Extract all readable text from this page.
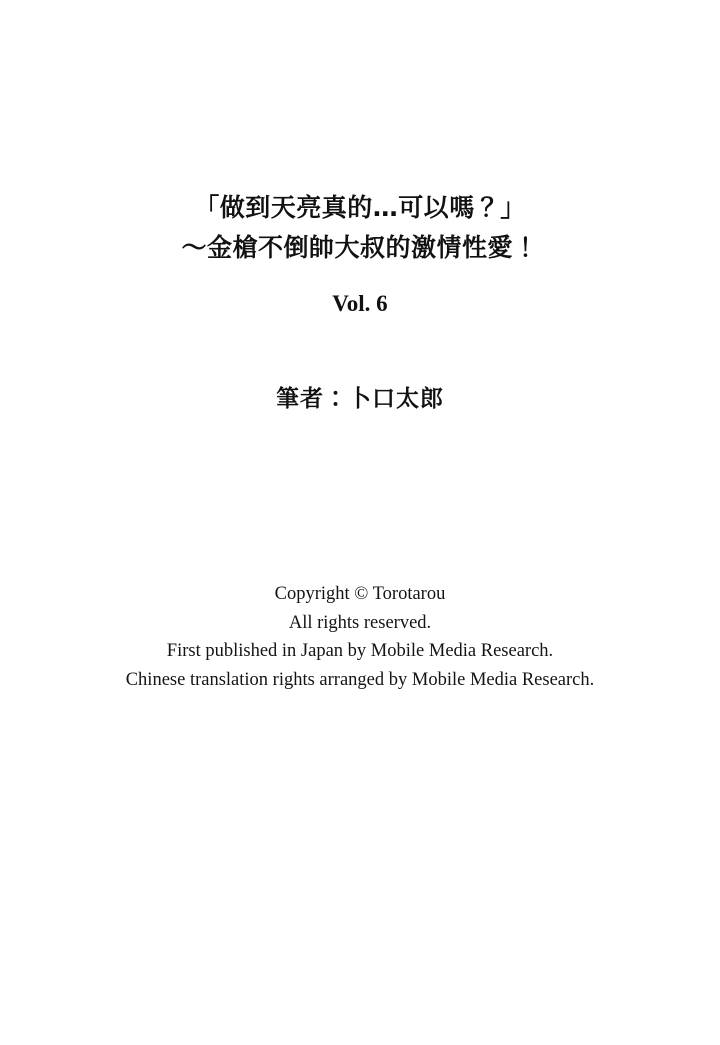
「做到天亮真的…可以嗎？」
～金槍不倒帥大叔的激情性愛！
Vol. 6
筆者：卜口太郎
Copyright © Torotarou
All rights reserved.
First published in Japan by Mobile Media Research.
Chinese translation rights arranged by Mobile Media Research.
